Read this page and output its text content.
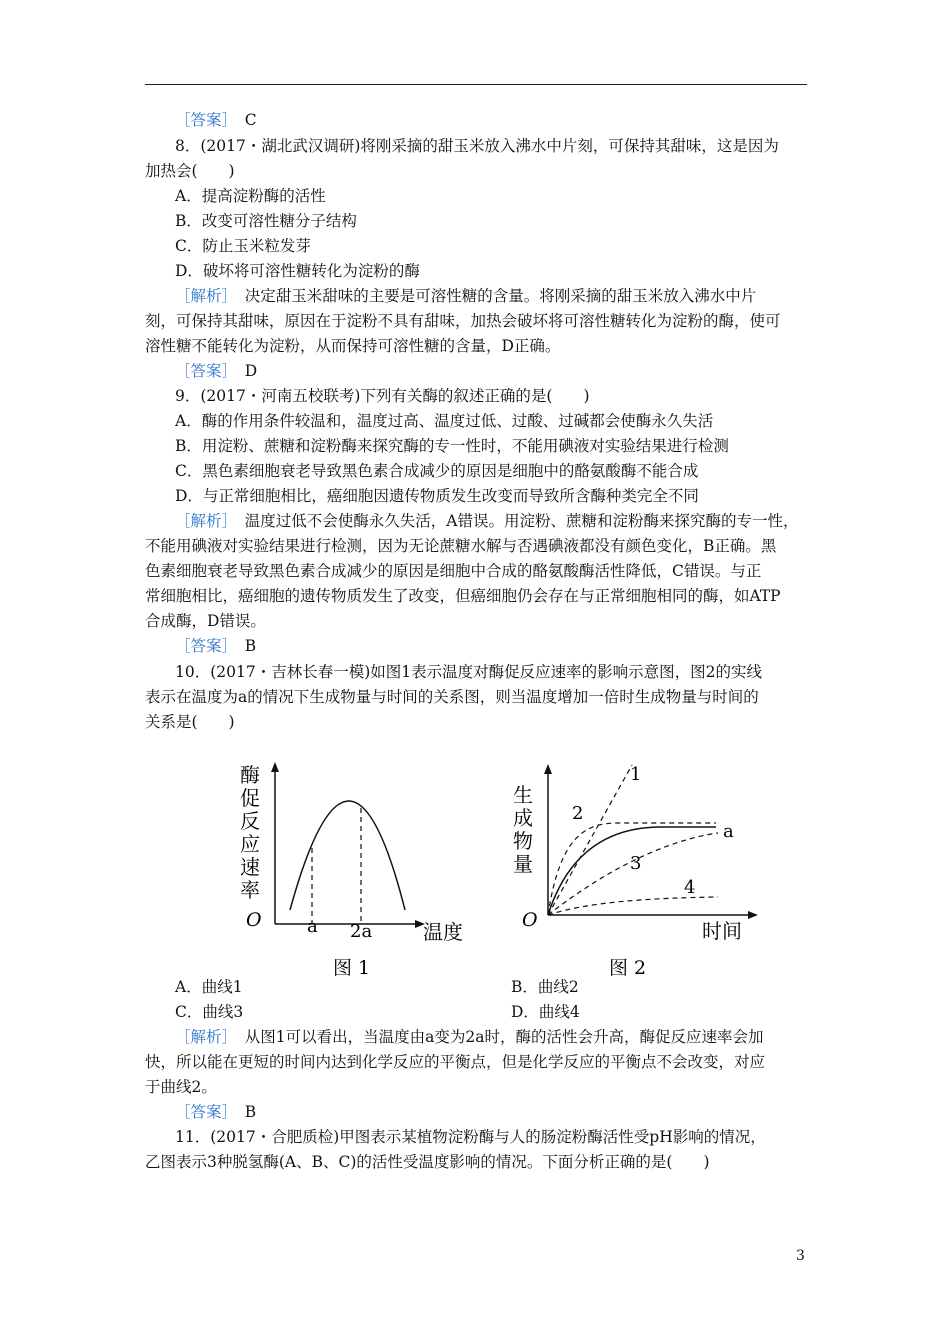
［答案］　C
8．(2017・湖北武汉调研)将刚采摘的甜玉米放入沸水中片刻，可保持其甜味，这是因为
加热会(　　)
A．提高淀粉酶的活性
B．改变可溶性糖分子结构
C．防止玉米粒发芽
D．破坏将可溶性糖转化为淀粉的酶
［解析］　决定甜玉米甜味的主要是可溶性糖的含量。将刚采摘的甜玉米放入沸水中片
刻，可保持其甜味，原因在于淀粉不具有甜味，加热会破坏将可溶性糖转化为淀粉的酶，使可
溶性糖不能转化为淀粉，从而保持可溶性糖的含量，D正确。
［答案］　D
9．(2017・河南五校联考)下列有关酶的叙述正确的是(　　)
A．酶的作用条件较温和，温度过高、温度过低、过酸、过碱都会使酶永久失活
B．用淀粉、蔗糖和淀粉酶来探究酶的专一性时，不能用碘液对实验结果进行检测
C．黑色素细胞衰老导致黑色素合成减少的原因是细胞中的酪氨酸酶不能合成
D．与正常细胞相比，癌细胞因遗传物质发生改变而导致所含酶种类完全不同
［解析］　温度过低不会使酶永久失活，A错误。用淀粉、蔗糖和淀粉酶来探究酶的专一性，
不能用碘液对实验结果进行检测，因为无论蔗糖水解与否遇碘液都没有颜色变化，B正确。黑
色素细胞衰老导致黑色素合成减少的原因是细胞中合成的酪氨酸酶活性降低，C错误。与正
常细胞相比，癌细胞的遗传物质发生了改变，但癌细胞仍会存在与正常细胞相同的酶，如ATP
合成酶，D错误。
［答案］　B
10．(2017・吉林长春一模)如图1表示温度对酶促反应速率的影响示意图，图2的实线
表示在温度为a的情况下生成物量与时间的关系图，则当温度增加一倍时生成物量与时间的
关系是(　　)
A．曲线1	B．曲线2
C．曲线3	D．曲线4
［解析］　从图1可以看出，当温度由a变为2a时，酶的活性会升高，酶促反应速率会加
快，所以能在更短的时间内达到化学反应的平衡点，但是化学反应的平衡点不会改变，对应
于曲线2。
［答案］　B
11．(2017・合肥质检)甲图表示某植物淀粉酶与人的肠淀粉酶活性受pH影响的情况，
乙图表示3种脱氢酶(A、B、C)的活性受温度影响的情况。下面分析正确的是(　　)
酶
促
反
应
速
率
O	a 2a	温度
图 1
生
成
物
量
O
1
2
a
3
4
时间
图 2
3
